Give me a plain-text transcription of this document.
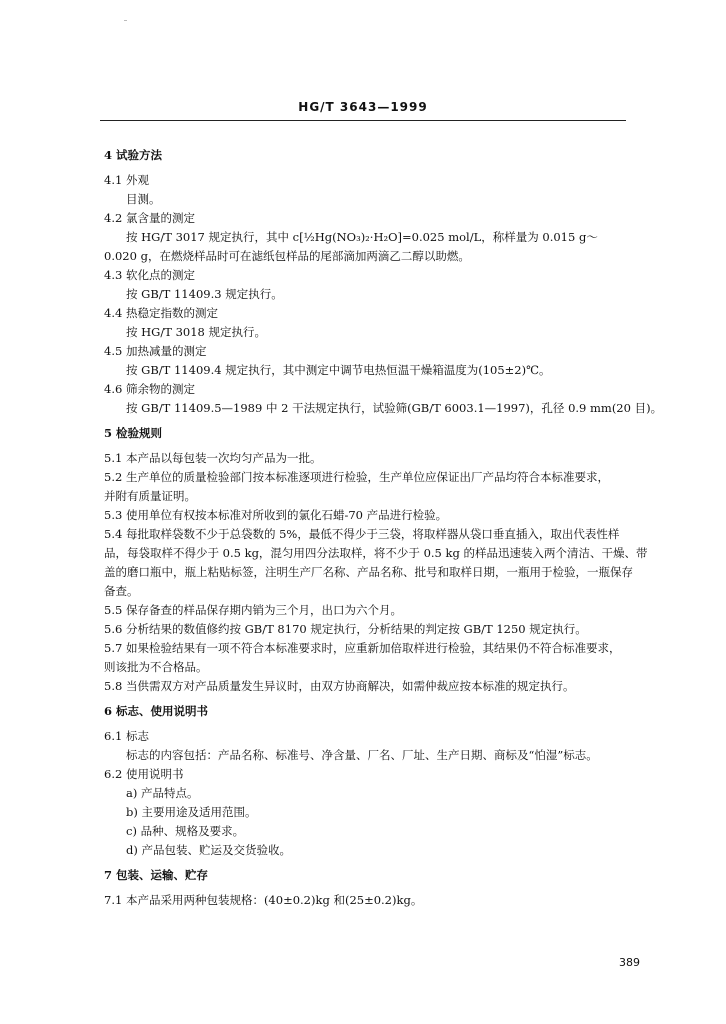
HG/T 3643—1999
4 试验方法
4.1 外观
目测。
4.2 氯含量的测定
按 HG/T 3017 规定执行，其中 c[½Hg(NO₃)₂·H₂O]=0.025 mol/L，称样量为 0.015 g～
0.020 g，在燃烧样品时可在滤纸包样品的尾部滴加两滴乙二醇以助燃。
4.3 软化点的测定
按 GB/T 11409.3 规定执行。
4.4 热稳定指数的测定
按 HG/T 3018 规定执行。
4.5 加热减量的测定
按 GB/T 11409.4 规定执行，其中测定中调节电热恒温干燥箱温度为(105±2)℃。
4.6 筛余物的测定
按 GB/T 11409.5—1989 中 2 干法规定执行，试验筛(GB/T 6003.1—1997)，孔径 0.9 mm(20 目)。
5 检验规则
5.1 本产品以每包装一次均匀产品为一批。
5.2 生产单位的质量检验部门按本标准逐项进行检验，生产单位应保证出厂产品均符合本标准要求，
并附有质量证明。
5.3 使用单位有权按本标准对所收到的氯化石蜡-70 产品进行检验。
5.4 每批取样袋数不少于总袋数的 5%，最低不得少于三袋，将取样器从袋口垂直插入，取出代表性样
品，每袋取样不得少于 0.5 kg，混匀用四分法取样，将不少于 0.5 kg 的样品迅速装入两个清洁、干燥、带
盖的磨口瓶中，瓶上粘贴标签，注明生产厂名称、产品名称、批号和取样日期，一瓶用于检验，一瓶保存
备查。
5.5 保存备查的样品保存期内销为三个月，出口为六个月。
5.6 分析结果的数值修约按 GB/T 8170 规定执行，分析结果的判定按 GB/T 1250 规定执行。
5.7 如果检验结果有一项不符合本标准要求时，应重新加倍取样进行检验，其结果仍不符合标准要求，
则该批为不合格品。
5.8 当供需双方对产品质量发生异议时，由双方协商解决，如需仲裁应按本标准的规定执行。
6 标志、使用说明书
6.1 标志
标志的内容包括：产品名称、标准号、净含量、厂名、厂址、生产日期、商标及“怕湿”标志。
6.2 使用说明书
a) 产品特点。
b) 主要用途及适用范围。
c) 品种、规格及要求。
d) 产品包装、贮运及交货验收。
7 包装、运输、贮存
7.1 本产品采用两种包装规格：(40±0.2)kg 和(25±0.2)kg。
389
